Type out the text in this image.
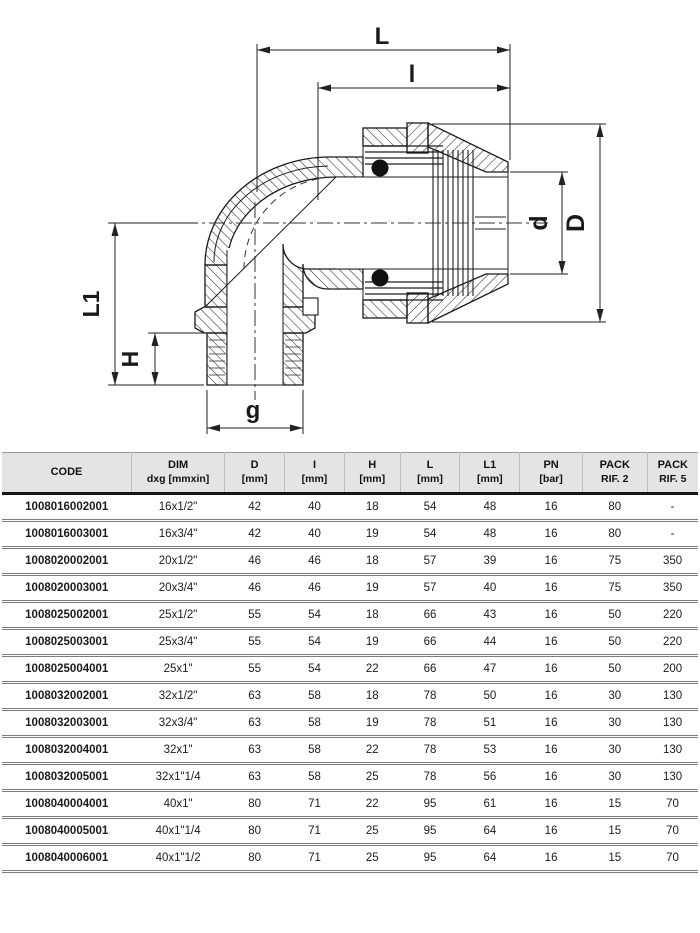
L
l
D
d
L1
H
g
CODE

DIM
dxg [mmxin]

D
[mm]

I
[mm]

H
[mm]

L
[mm]

L1
[mm]

PN
[bar]

PACK
RIF. 2

PACK
RIF. 5

1008016002001	16x1/2"	42	40	18	54	48	16	80	-
1008016003001	16x3/4"	42	40	19	54	48	16	80	-
1008020002001	20x1/2"	46	46	18	57	39	16	75	350
1008020003001	20x3/4"	46	46	19	57	40	16	75	350
1008025002001	25x1/2"	55	54	18	66	43	16	50	220
1008025003001	25x3/4"	55	54	19	66	44	16	50	220
1008025004001	25x1"	55	54	22	66	47	16	50	200
1008032002001	32x1/2"	63	58	18	78	50	16	30	130
1008032003001	32x3/4"	63	58	19	78	51	16	30	130
1008032004001	32x1"	63	58	22	78	53	16	30	130
1008032005001	32x1"1/4	63	58	25	78	56	16	30	130
1008040004001	40x1"	80	71	22	95	61	16	15	70
1008040005001	40x1"1/4	80	71	25	95	64	16	15	70
1008040006001	40x1"1/2	80	71	25	95	64	16	15	70
